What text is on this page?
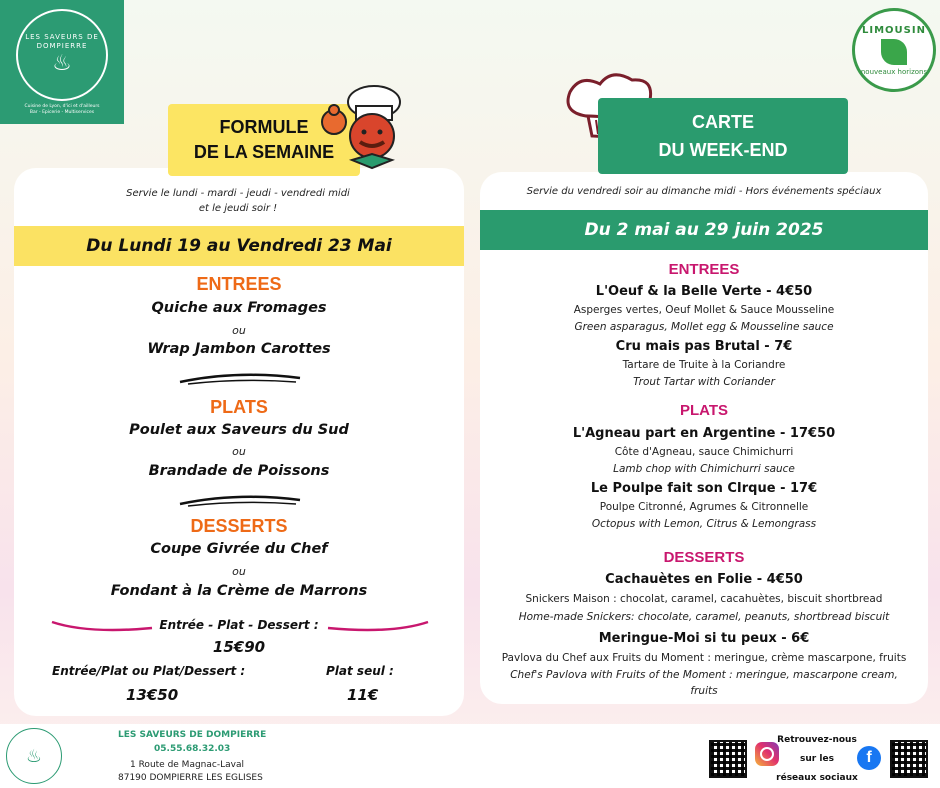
LES SAVEURS DE DOMPIERRE
♨
Cuisine de Lyon, d'ici et d'ailleurs
Bar - Epicerie - Multiservices
LIMOUSIN
nouveaux horizons
FORMULE
DE LA SEMAINE
Servie le lundi - mardi - jeudi - vendredi midi
et le jeudi soir !
Du Lundi 19 au Vendredi 23 Mai
ENTREES
Quiche aux Fromages
ou
Wrap Jambon Carottes
PLATS
Poulet aux Saveurs du Sud
ou
Brandade de Poissons
DESSERTS
Coupe Givrée du Chef
ou
Fondant à la Crème de Marrons
Entrée - Plat - Dessert :
15€90
Entrée/Plat ou Plat/Dessert :
13€50
Plat seul :
11€
CARTE
DU WEEK-END
Servie du vendredi soir au dimanche midi - Hors événements spéciaux
Du 2 mai au 29 juin 2025
ENTREES
L'Oeuf & la Belle Verte - 4€50
Asperges vertes, Oeuf Mollet & Sauce Mousseline
Green asparagus, Mollet egg & Mousseline sauce
Cru mais pas Brutal - 7€
Tartare de Truite à la Coriandre
Trout Tartar with Coriander
PLATS
L'Agneau part en Argentine - 17€50
Côte d'Agneau, sauce Chimichurri
Lamb chop with Chimichurri sauce
Le Poulpe fait son CIrque - 17€
Poulpe Citronné, Agrumes & Citronnelle
Octopus with Lemon, Citrus & Lemongrass
DESSERTS
Cachauètes en Folie - 4€50
Snickers Maison : chocolat, caramel, cacahuètes, biscuit shortbread
Home-made Snickers: chocolate, caramel, peanuts, shortbread biscuit
Meringue-Moi si tu peux - 6€
Pavlova du Chef aux Fruits du Moment : meringue, crème mascarpone, fruits
Chef's Pavlova with Fruits of the Moment : meringue, mascarpone cream,
fruits
♨
LES SAVEURS DE DOMPIERRE
05.55.68.32.03
1 Route de Magnac-Laval
87190 DOMPIERRE LES EGLISES
Retrouvez-nous
sur les
réseaux sociaux
f
